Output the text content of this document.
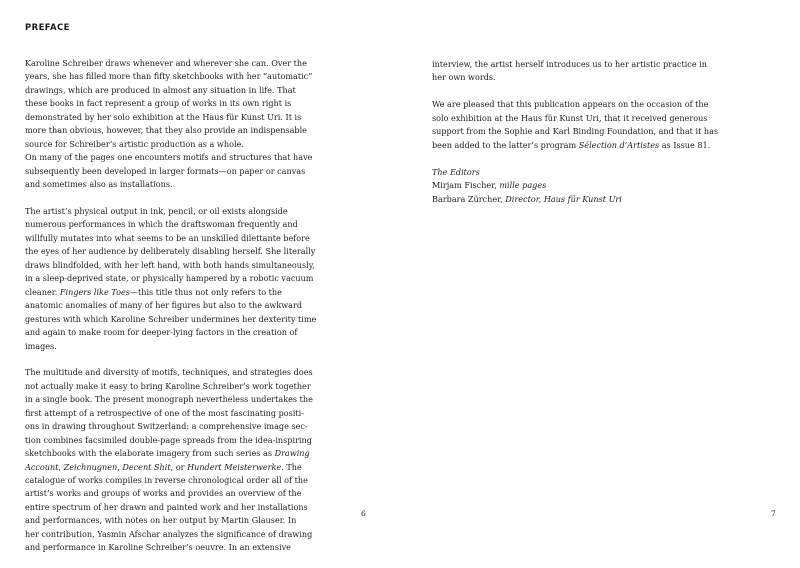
PREFACE

Karoline Schreiber draws whenever and wherever she can. Over the
years, she has filled more than fifty sketchbooks with her “automatic”
drawings, which are produced in almost any situation in life. That
these books in fact represent a group of works in its own right is
demonstrated by her solo exhibition at the Haus für Kunst Uri. It is
more than obvious, however, that they also provide an indispensable
source for Schreiber’s artistic production as a whole.
On many of the pages one encounters motifs and structures that have
subsequently been developed in larger formats—on paper or canvas
and sometimes also as installations.

The artist’s physical output in ink, pencil, or oil exists alongside
numerous performances in which the draftswoman frequently and
willfully mutates into what seems to be an unskilled dilettante before
the eyes of her audience by deliberately disabling herself. She literally
draws blindfolded, with her left hand, with both hands simultaneously,
in a sleep-deprived state, or physically hampered by a robotic vacuum
cleaner. Fingers like Toes—this title thus not only refers to the
anatomic anomalies of many of her figures but also to the awkward
gestures with which Karoline Schreiber undermines her dexterity time
and again to make room for deeper-lying factors in the creation of
images.

The multitude and diversity of motifs, techniques, and strategies does
not actually make it easy to bring Karoline Schreiber’s work together
in a single book. The present monograph nevertheless undertakes the
first attempt of a retrospective of one of the most fascinating positi-
ons in drawing throughout Switzerland: a comprehensive image sec-
tion combines facsimiled double-page spreads from the idea-inspiring
sketchbooks with the elaborate imagery from such series as Drawing
Account, Zeichnugnen, Decent Shit, or Hundert Meisterwerke. The
catalogue of works compiles in reverse chronological order all of the
artist’s works and groups of works and provides an overview of the
entire spectrum of her drawn and painted work and her installations
and performances, with notes on her output by Martin Glauser. In
her contribution, Yasmin Afschar analyzes the significance of drawing
and performance in Karoline Schreiber’s oeuvre. In an extensive

interview, the artist herself introduces us to her artistic practice in
her own words.

We are pleased that this publication appears on the occasion of the
solo exhibition at the Haus für Kunst Uri, that it received generous
support from the Sophie and Karl Binding Foundation, and that it has
been added to the latter’s program Sélection d’Artistes as Issue 81.

The Editors
Mirjam Fischer, mille pages
Barbara Zürcher, Director, Haus für Kunst Uri

6	7
